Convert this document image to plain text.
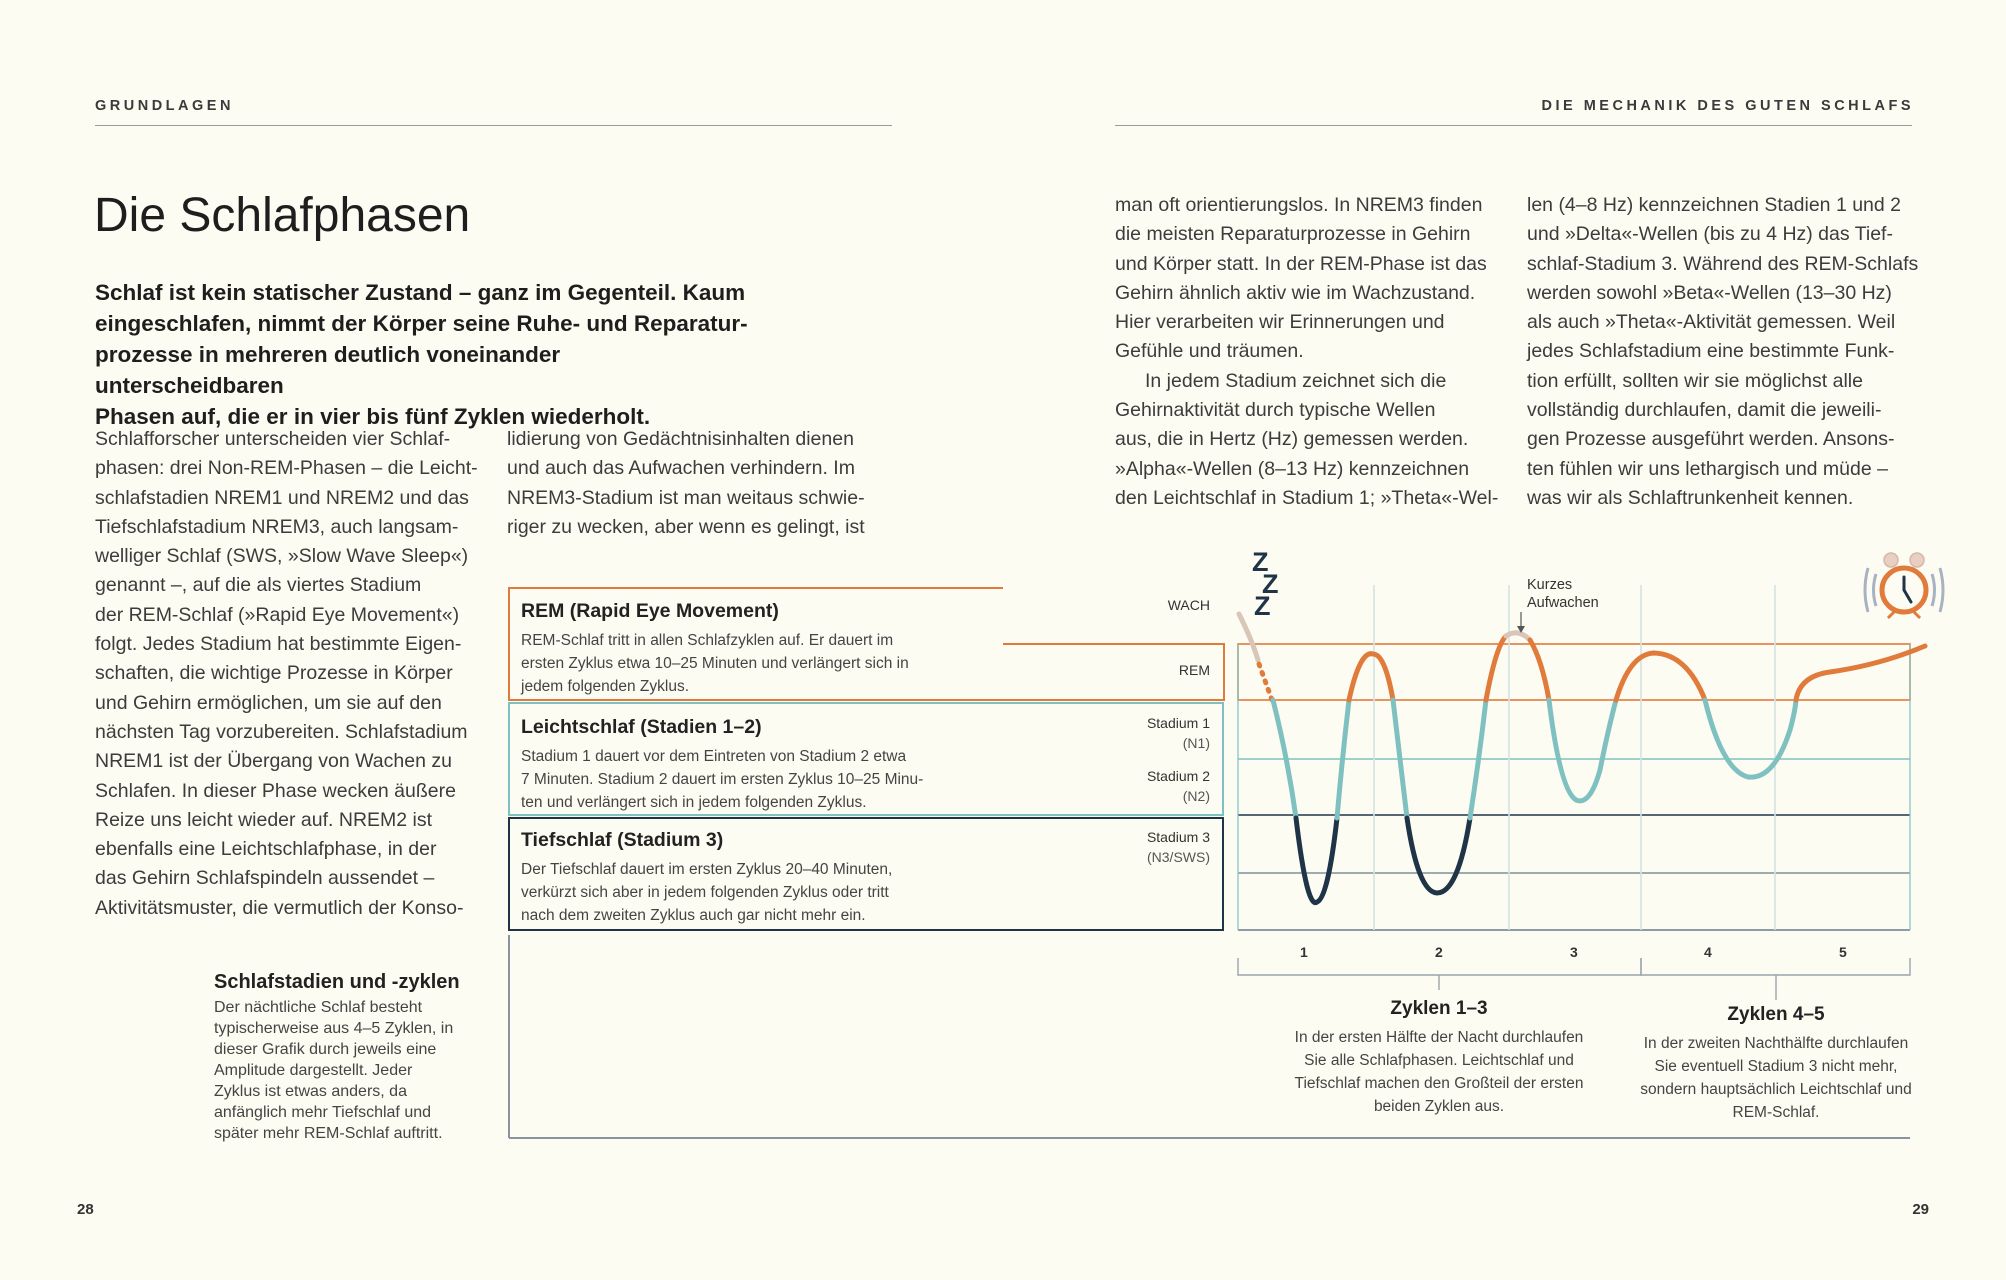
GRUNDLAGEN	DIE MECHANIK DES GUTEN SCHLAFS
Die Schlafphasen
Schlaf ist kein statischer Zustand – ganz im Gegenteil. Kaum
eingeschlafen, nimmt der Körper seine Ruhe- und Reparatur-
prozesse in mehreren deutlich voneinander unterscheidbaren
Phasen auf, die er in vier bis fünf Zyklen wiederholt.
Schlafforscher unterscheiden vier Schlaf-
phasen: drei Non-REM-Phasen – die Leicht-
schlafstadien NREM1 und NREM2 und das
Tiefschlafstadium NREM3, auch langsam-
welliger Schlaf (SWS, »Slow Wave Sleep«)
genannt –, auf die als viertes Stadium
der REM-Schlaf (»Rapid Eye Movement«)
folgt. Jedes Stadium hat bestimmte Eigen-
schaften, die wichtige Prozesse in Körper
und Gehirn ermöglichen, um sie auf den
nächsten Tag vorzubereiten. Schlafstadium
NREM1 ist der Übergang von Wachen zu
Schlafen. In dieser Phase wecken äußere
Reize uns leicht wieder auf. NREM2 ist
ebenfalls eine Leichtschlafphase, in der
das Gehirn Schlafspindeln aussendet –
Aktivitätsmuster, die vermutlich der Konso-
lidierung von Gedächtnisinhalten dienen
und auch das Aufwachen verhindern. Im
NREM3-Stadium ist man weitaus schwie-
riger zu wecken, aber wenn es gelingt, ist
man oft orientierungslos. In NREM3 finden
die meisten Reparaturprozesse in Gehirn
und Körper statt. In der REM-Phase ist das
Gehirn ähnlich aktiv wie im Wachzustand.
Hier verarbeiten wir Erinnerungen und
Gefühle und träumen.
In jedem Stadium zeichnet sich die
Gehirnaktivität durch typische Wellen
aus, die in Hertz (Hz) gemessen werden.
»Alpha«-Wellen (8–13 Hz) kennzeichnen
den Leichtschlaf in Stadium 1; »Theta«-Wel-
len (4–8 Hz) kennzeichnen Stadien 1 und 2
und »Delta«-Wellen (bis zu 4 Hz) das Tief-
schlaf-Stadium 3. Während des REM-Schlafs
werden sowohl »Beta«-Wellen (13–30 Hz)
als auch »Theta«-Aktivität gemessen. Weil
jedes Schlafstadium eine bestimmte Funk-
tion erfüllt, sollten wir sie möglichst alle
vollständig durchlaufen, damit die jeweili-
gen Prozesse ausgeführt werden. Ansons-
ten fühlen wir uns lethargisch und müde –
was wir als Schlaftrunkenheit kennen.
Z
Z
Z
Kurzes
Aufwachen
REM (Rapid Eye Movement)

REM-Schlaf tritt in allen Schlafzyklen auf. Er dauert im
ersten Zyklus etwa 10–25 Minuten und verlängert sich in
jedem folgenden Zyklus.

Leichtschlaf (Stadien 1–2)

Stadium 1 dauert vor dem Eintreten von Stadium 2 etwa
7 Minuten. Stadium 2 dauert im ersten Zyklus 10–25 Minu-
ten und verlängert sich in jedem folgenden Zyklus.

Tiefschlaf (Stadium 3)

Der Tiefschlaf dauert im ersten Zyklus 20–40 Minuten,
verkürzt sich aber in jedem folgenden Zyklus oder tritt
nach dem zweiten Zyklus auch gar nicht mehr ein.

WACH
REM
Stadium 1
(N1)
Stadium 2
(N2)
Stadium 3
(N3/SWS)
1	2	3	4	5
Zyklen 1–3
In der ersten Hälfte der Nacht durchlaufen
Sie alle Schlafphasen. Leichtschlaf und
Tiefschlaf machen den Großteil der ersten
beiden Zyklen aus.
Zyklen 4–5
In der zweiten Nachthälfte durchlaufen
Sie eventuell Stadium 3 nicht mehr,
sondern hauptsächlich Leichtschlaf und
REM-Schlaf.
Schlafstadien und -zyklen
Der nächtliche Schlaf besteht
typischerweise aus 4–5 Zyklen, in
dieser Grafik durch jeweils eine
Amplitude dargestellt. Jeder
Zyklus ist etwas anders, da
anfänglich mehr Tiefschlaf und
später mehr REM-Schlaf auftritt.
28	29
